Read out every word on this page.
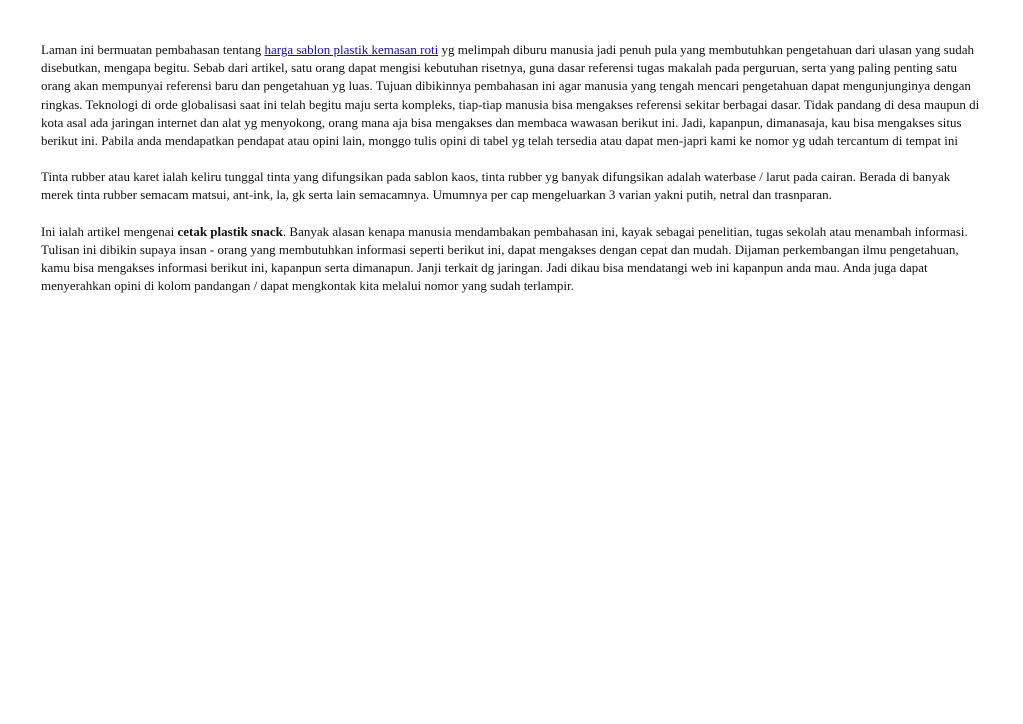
Laman ini bermuatan pembahasan tentang harga sablon plastik kemasan roti yg melimpah diburu manusia jadi penuh pula yang membutuhkan pengetahuan dari ulasan yang sudah disebutkan, mengapa begitu. Sebab dari artikel, satu orang dapat mengisi kebutuhan risetnya, guna dasar referensi tugas makalah pada perguruan, serta yang paling penting satu orang akan mempunyai referensi baru dan pengetahuan yg luas. Tujuan dibikinnya pembahasan ini agar manusia yang tengah mencari pengetahuan dapat mengunjunginya dengan ringkas. Teknologi di orde globalisasi saat ini telah begitu maju serta kompleks, tiap-tiap manusia bisa mengakses referensi sekitar berbagai dasar. Tidak pandang di desa maupun di kota asal ada jaringan internet dan alat yg menyokong, orang mana aja bisa mengakses dan membaca wawasan berikut ini. Jadi, kapanpun, dimanasaja, kau bisa mengakses situs berikut ini. Pabila anda mendapatkan pendapat atau opini lain, monggo tulis opini di tabel yg telah tersedia atau dapat men-japri kami ke nomor yg udah tercantum di tempat ini

Tinta rubber atau karet ialah keliru tunggal tinta yang difungsikan pada sablon kaos, tinta rubber yg banyak difungsikan adalah waterbase / larut pada cairan. Berada di banyak merek tinta rubber semacam matsui, ant-ink, la, gk serta lain semacamnya. Umumnya per cap mengeluarkan 3 varian yakni putih, netral dan trasnparan.

Ini ialah artikel mengenai cetak plastik snack. Banyak alasan kenapa manusia mendambakan pembahasan ini, kayak sebagai penelitian, tugas sekolah atau menambah informasi. Tulisan ini dibikin supaya insan - orang yang membutuhkan informasi seperti berikut ini, dapat mengakses dengan cepat dan mudah. Dijaman perkembangan ilmu pengetahuan, kamu bisa mengakses informasi berikut ini, kapanpun serta dimanapun. Janji terkait dg jaringan. Jadi dikau bisa mendatangi web ini kapanpun anda mau. Anda juga dapat menyerahkan opini di kolom pandangan / dapat mengkontak kita melalui nomor yang sudah terlampir.
